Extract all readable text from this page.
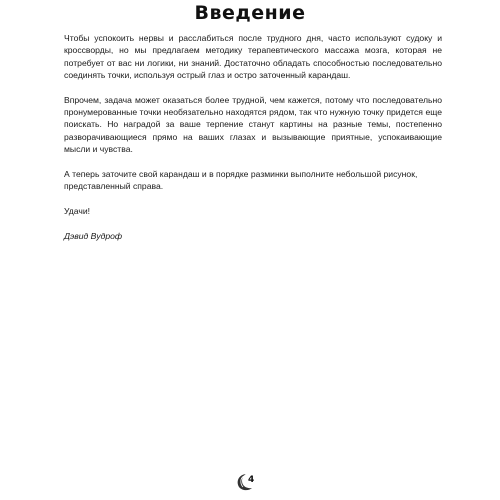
Введение

Чтобы успокоить нервы и расслабиться после трудного дня, часто используют судоку и кроссворды, но мы предлагаем методику терапевтического массажа мозга, которая не потребует от вас ни логики, ни знаний. Достаточно обладать способностью последовательно соединять точки, используя острый глаз и остро заточенный карандаш.

Впрочем, задача может оказаться более трудной, чем кажется, потому что последовательно пронумерованные точки необязательно находятся рядом, так что нужную точку придется еще поискать. Но наградой за ваше терпение станут картины на разные темы, постепенно разворачивающиеся прямо на ваших глазах и вызывающие приятные, успокаивающие мысли и чувства.

А теперь заточите свой карандаш и в порядке разминки выполните небольшой рисунок, представленный справа.

Удачи!

Дэвид Вудроф

4
